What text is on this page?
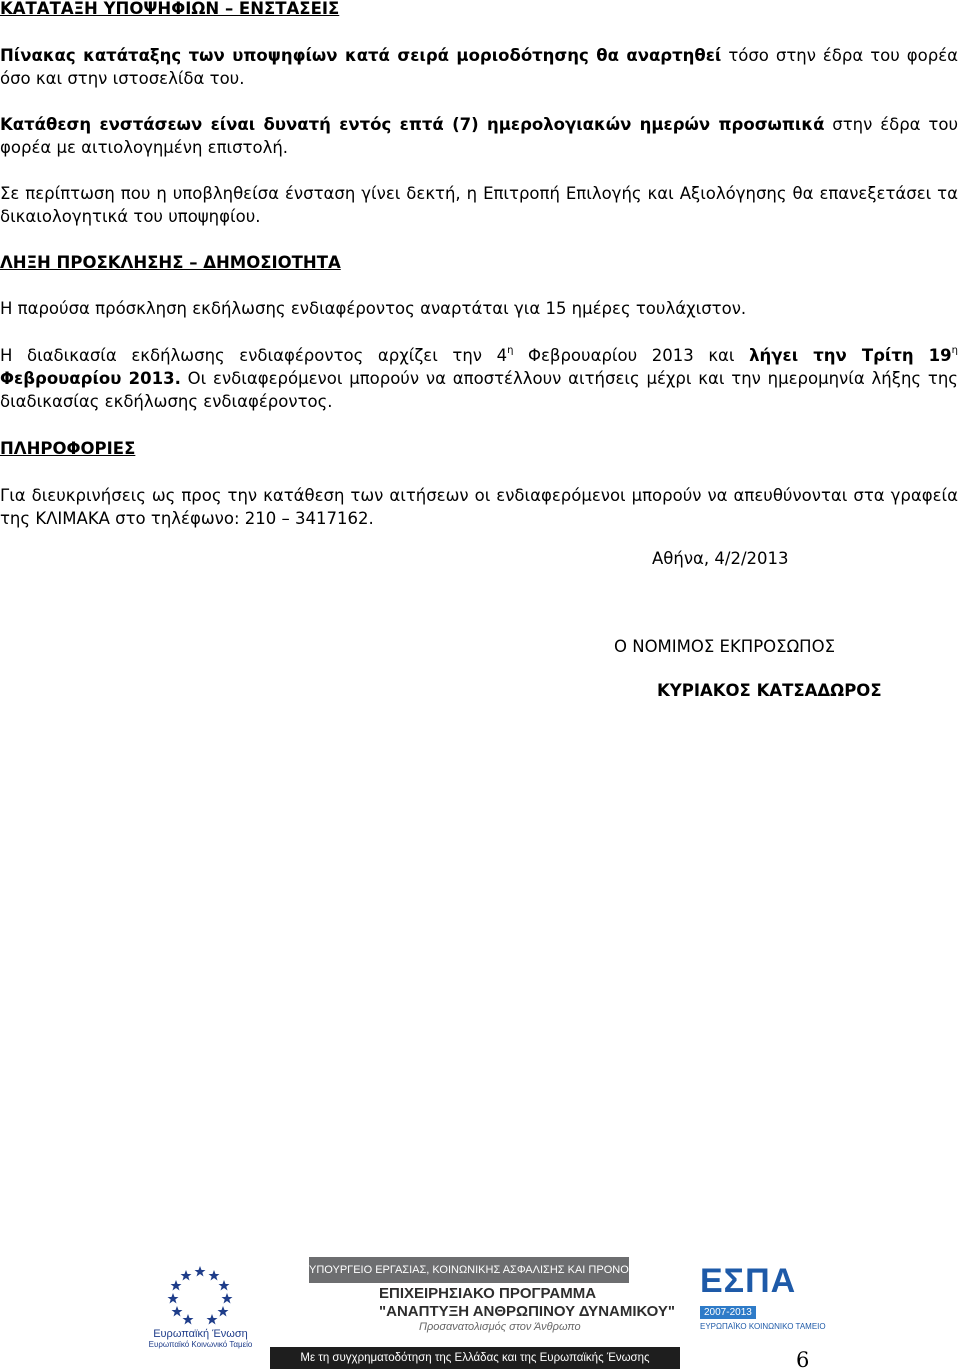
ΚΑΤΑΤΑΞΗ ΥΠΟΨΗΦΙΩΝ – ΕΝΣΤΑΣΕΙΣ
Πίνακας κατάταξης των υποψηφίων κατά σειρά μοριοδότησης θα αναρτηθεί τόσο στην έδρα του φορέα όσο και στην ιστοσελίδα του.
Κατάθεση ενστάσεων είναι δυνατή εντός επτά (7) ημερολογιακών ημερών προσωπικά στην έδρα του φορέα με αιτιολογημένη επιστολή.
Σε περίπτωση που η υποβληθείσα ένσταση γίνει δεκτή, η Επιτροπή Επιλογής και Αξιολόγησης θα επανεξετάσει τα δικαιολογητικά του υποψηφίου.
ΛΗΞΗ ΠΡΟΣΚΛΗΣΗΣ – ΔΗΜΟΣΙΟΤΗΤΑ
Η παρούσα πρόσκληση εκδήλωσης ενδιαφέροντος αναρτάται για 15 ημέρες τουλάχιστον.
Η διαδικασία εκδήλωσης ενδιαφέροντος αρχίζει την $4^\eta$ Φεβρουαρίου 2013 και λήγει την Τρίτη $19^\eta$ Φεβρουαρίου 2013. Οι ενδιαφερόμενοι μπορούν να αποστέλλουν αιτήσεις μέχρι και την ημερομηνία λήξης της διαδικασίας εκδήλωσης ενδιαφέροντος.
ΠΛΗΡΟΦΟΡΙΕΣ
Για διευκρινήσεις ως προς την κατάθεση των αιτήσεων οι ενδιαφερόμενοι μπορούν να απευθύνονται στα γραφεία της ΚΛΙΜΑΚΑ στο τηλέφωνο: 210 – 3417162.
Αθήνα, 4/2/2013
Ο ΝΟΜΙΜΟΣ ΕΚΠΡΟΣΩΠΟΣ
ΚΥΡΙΑΚΟΣ ΚΑΤΣΑΔΩΡΟΣ
Ευρωπαϊκή Ένωση
Ευρωπαϊκό Κοινωνικό Ταμείο
ΥΠΟΥΡΓΕΙΟ ΕΡΓΑΣΙΑΣ, ΚΟΙΝΩΝΙΚΗΣ ΑΣΦΑΛΙΣΗΣ ΚΑΙ ΠΡΟΝΟΙΑΣ
ΕΠΙΧΕΙΡΗΣΙΑΚΟ ΠΡΟΓΡΑΜΜΑ
"ΑΝΑΠΤΥΞΗ ΑΝΘΡΩΠΙΝΟΥ ΔΥΝΑΜΙΚΟΥ"
Προσανατολισμός στον Άνθρωπο
ΕΣΠΑ
2007-2013
ΕΥΡΩΠΑΪΚΟ ΚΟΙΝΩΝΙΚΟ ΤΑΜΕΙΟ
Με τη συγχρηματοδότηση της Ελλάδας και της Ευρωπαϊκής Ένωσης	6
